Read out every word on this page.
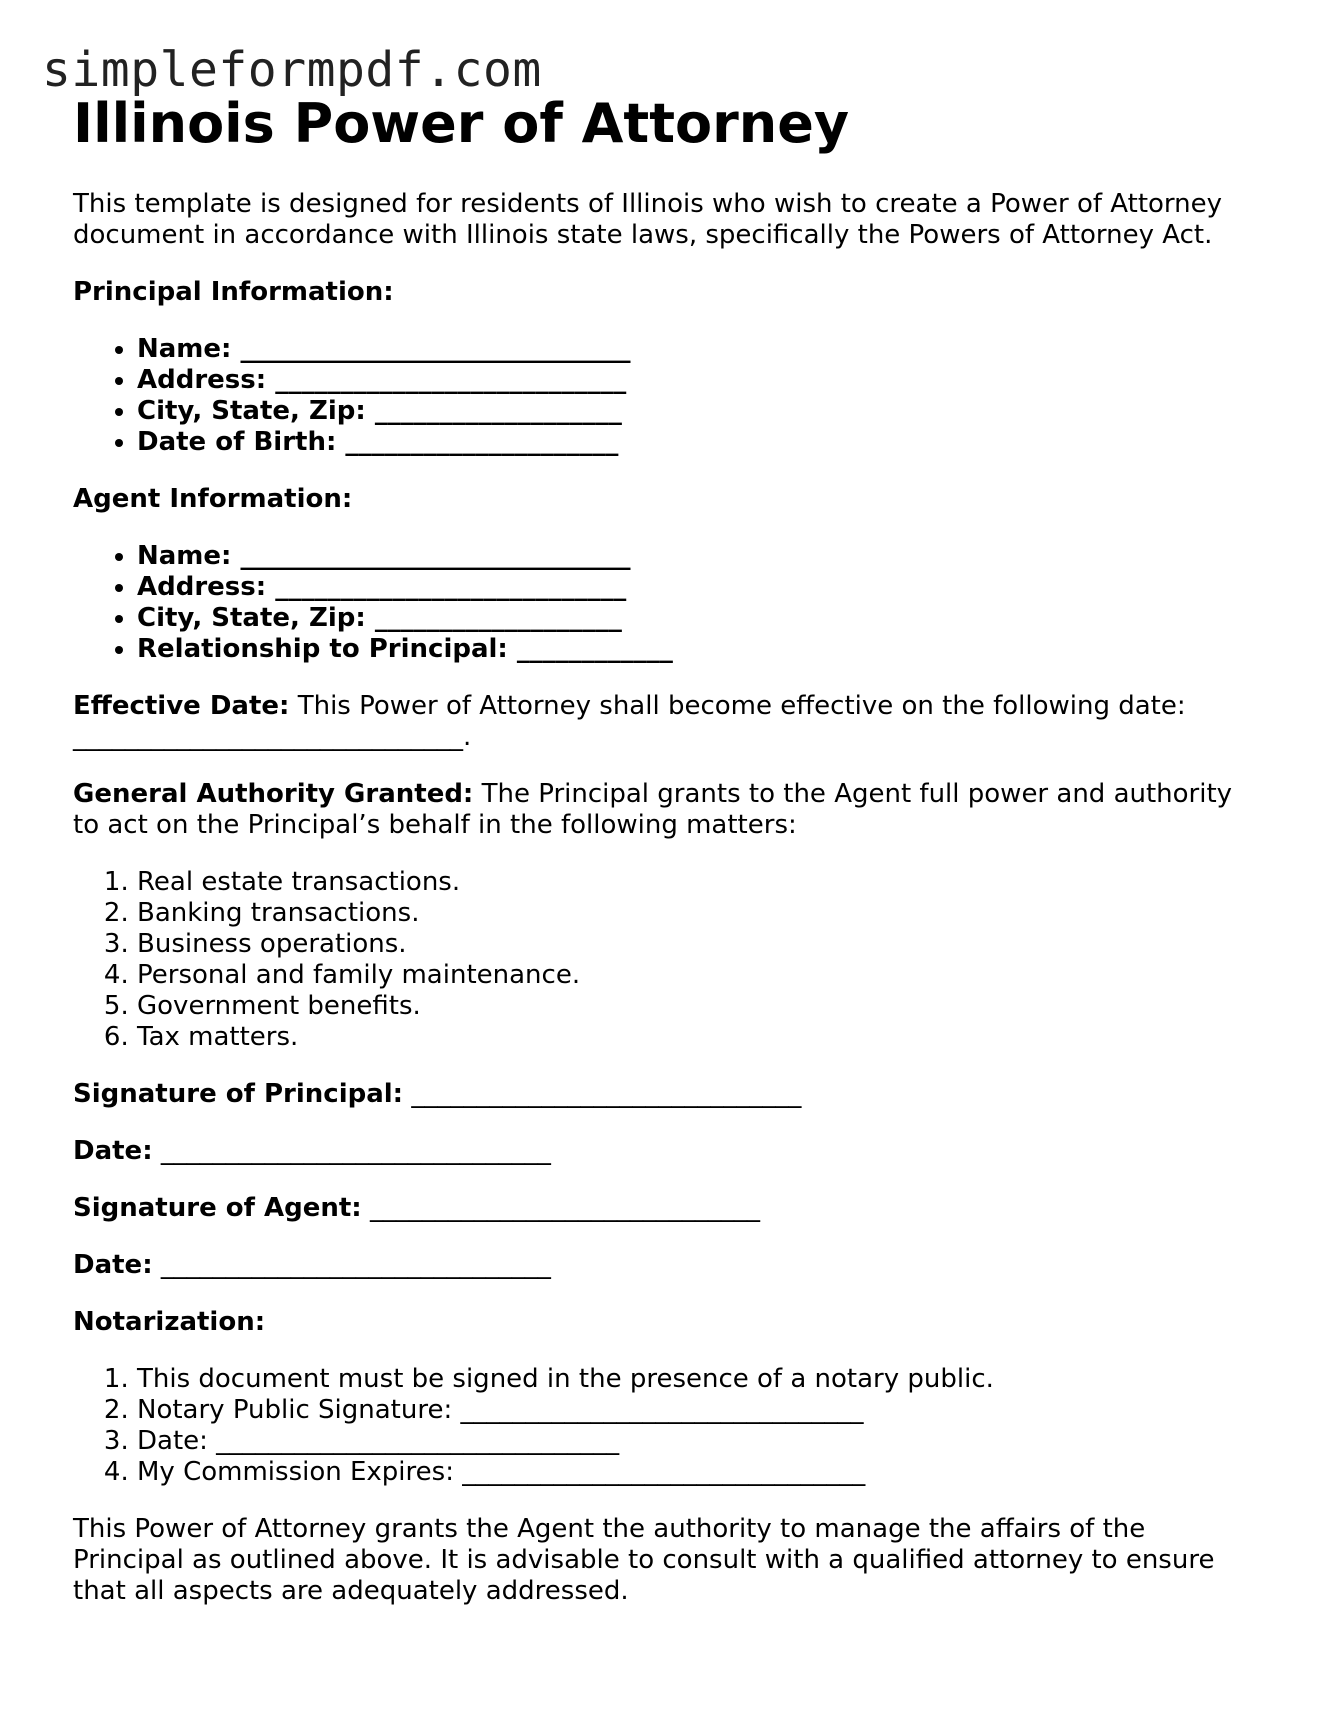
simpleformpdf.com
Illinois Power of Attorney

This template is designed for residents of Illinois who wish to create a Power of Attorney document in accordance with Illinois state laws, specifically the Powers of Attorney Act.

Principal Information:

• Name: ______________________________
• Address: ___________________________
• City, State, Zip: ___________________
• Date of Birth: _____________________

Agent Information:

• Name: ______________________________
• Address: ___________________________
• City, State, Zip: ___________________
• Relationship to Principal: ____________

Effective Date: This Power of Attorney shall become effective on the following date: ______________________________.

General Authority Granted: The Principal grants to the Agent full power and authority to act on the Principal’s behalf in the following matters:

1. Real estate transactions.
2. Banking transactions.
3. Business operations.
4. Personal and family maintenance.
5. Government benefits.
6. Tax matters.

Signature of Principal: ______________________________

Date: ______________________________

Signature of Agent: ______________________________

Date: ______________________________

Notarization:

1. This document must be signed in the presence of a notary public.
2. Notary Public Signature: _______________________________
3. Date: _______________________________
4. My Commission Expires: _______________________________

This Power of Attorney grants the Agent the authority to manage the affairs of the Principal as outlined above. It is advisable to consult with a qualified attorney to ensure that all aspects are adequately addressed.
